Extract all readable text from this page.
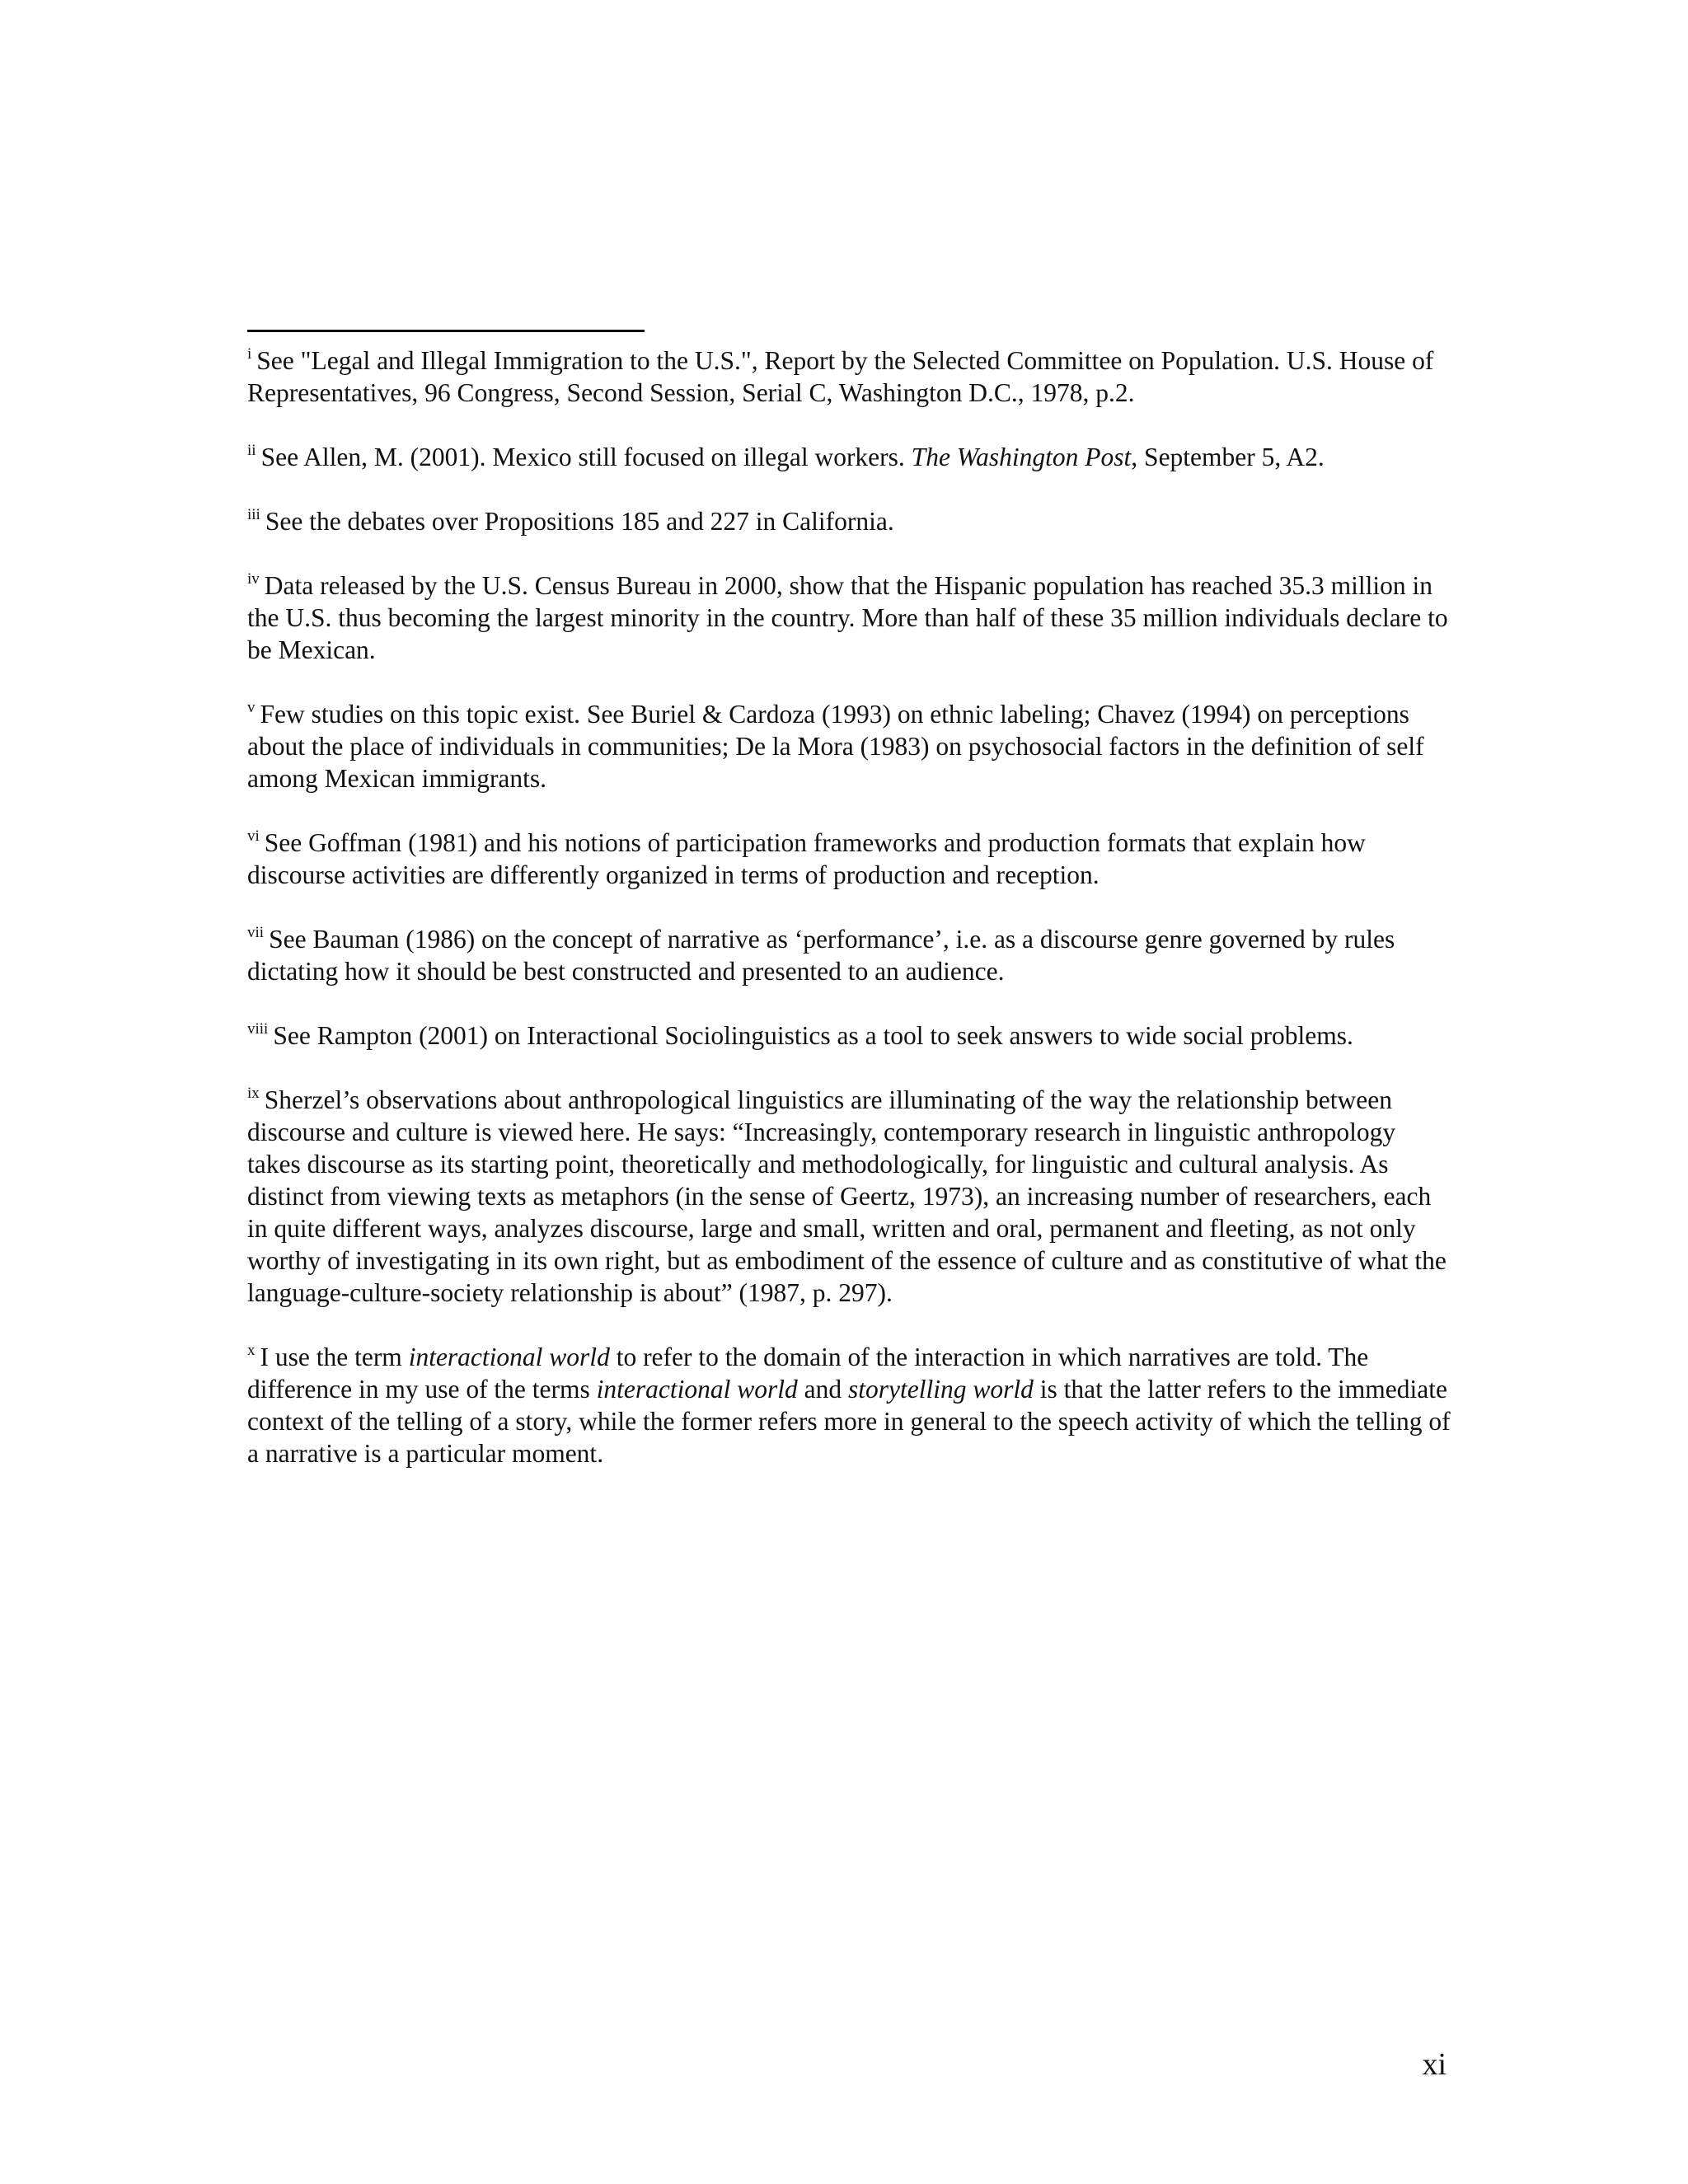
$^i$ See "Legal and Illegal Immigration to the U.S.", Report by the Selected Committee on Population. U.S. House of Representatives, 96 Congress, Second Session, Serial C, Washington D.C., 1978, p.2.

$^{ii}$ See Allen, M. (2001). Mexico still focused on illegal workers. The Washington Post, September 5, A2.

$^{iii}$ See the debates over Propositions 185 and 227 in California.

$^{iv}$ Data released by the U.S. Census Bureau in 2000, show that the Hispanic population has reached 35.3 million in the U.S. thus becoming the largest minority in the country. More than half of these 35 million individuals declare to be Mexican.

$^v$ Few studies on this topic exist. See Buriel & Cardoza (1993) on ethnic labeling; Chavez (1994) on perceptions about the place of individuals in communities; De la Mora (1983) on psychosocial factors in the definition of self among Mexican immigrants.

$^{vi}$ See Goffman (1981) and his notions of participation frameworks and production formats that explain how discourse activities are differently organized in terms of production and reception.

$^{vii}$ See Bauman (1986) on the concept of narrative as ‘performance’, i.e. as a discourse genre governed by rules dictating how it should be best constructed and presented to an audience.

$^{viii}$ See Rampton (2001) on Interactional Sociolinguistics as a tool to seek answers to wide social problems.

$^{ix}$ Sherzel’s observations about anthropological linguistics are illuminating of the way the relationship between discourse and culture is viewed here. He says: “Increasingly, contemporary research in linguistic anthropology takes discourse as its starting point, theoretically and methodologically, for linguistic and cultural analysis. As distinct from viewing texts as metaphors (in the sense of Geertz, 1973), an increasing number of researchers, each in quite different ways, analyzes discourse, large and small, written and oral, permanent and fleeting, as not only worthy of investigating in its own right, but as embodiment of the essence of culture and as constitutive of what the language-culture-society relationship is about” (1987, p. 297).

$^x$ I use the term interactional world to refer to the domain of the interaction in which narratives are told. The difference in my use of the terms interactional world and storytelling world is that the latter refers to the immediate context of the telling of a story, while the former refers more in general to the speech activity of which the telling of a narrative is a particular moment.

xi
